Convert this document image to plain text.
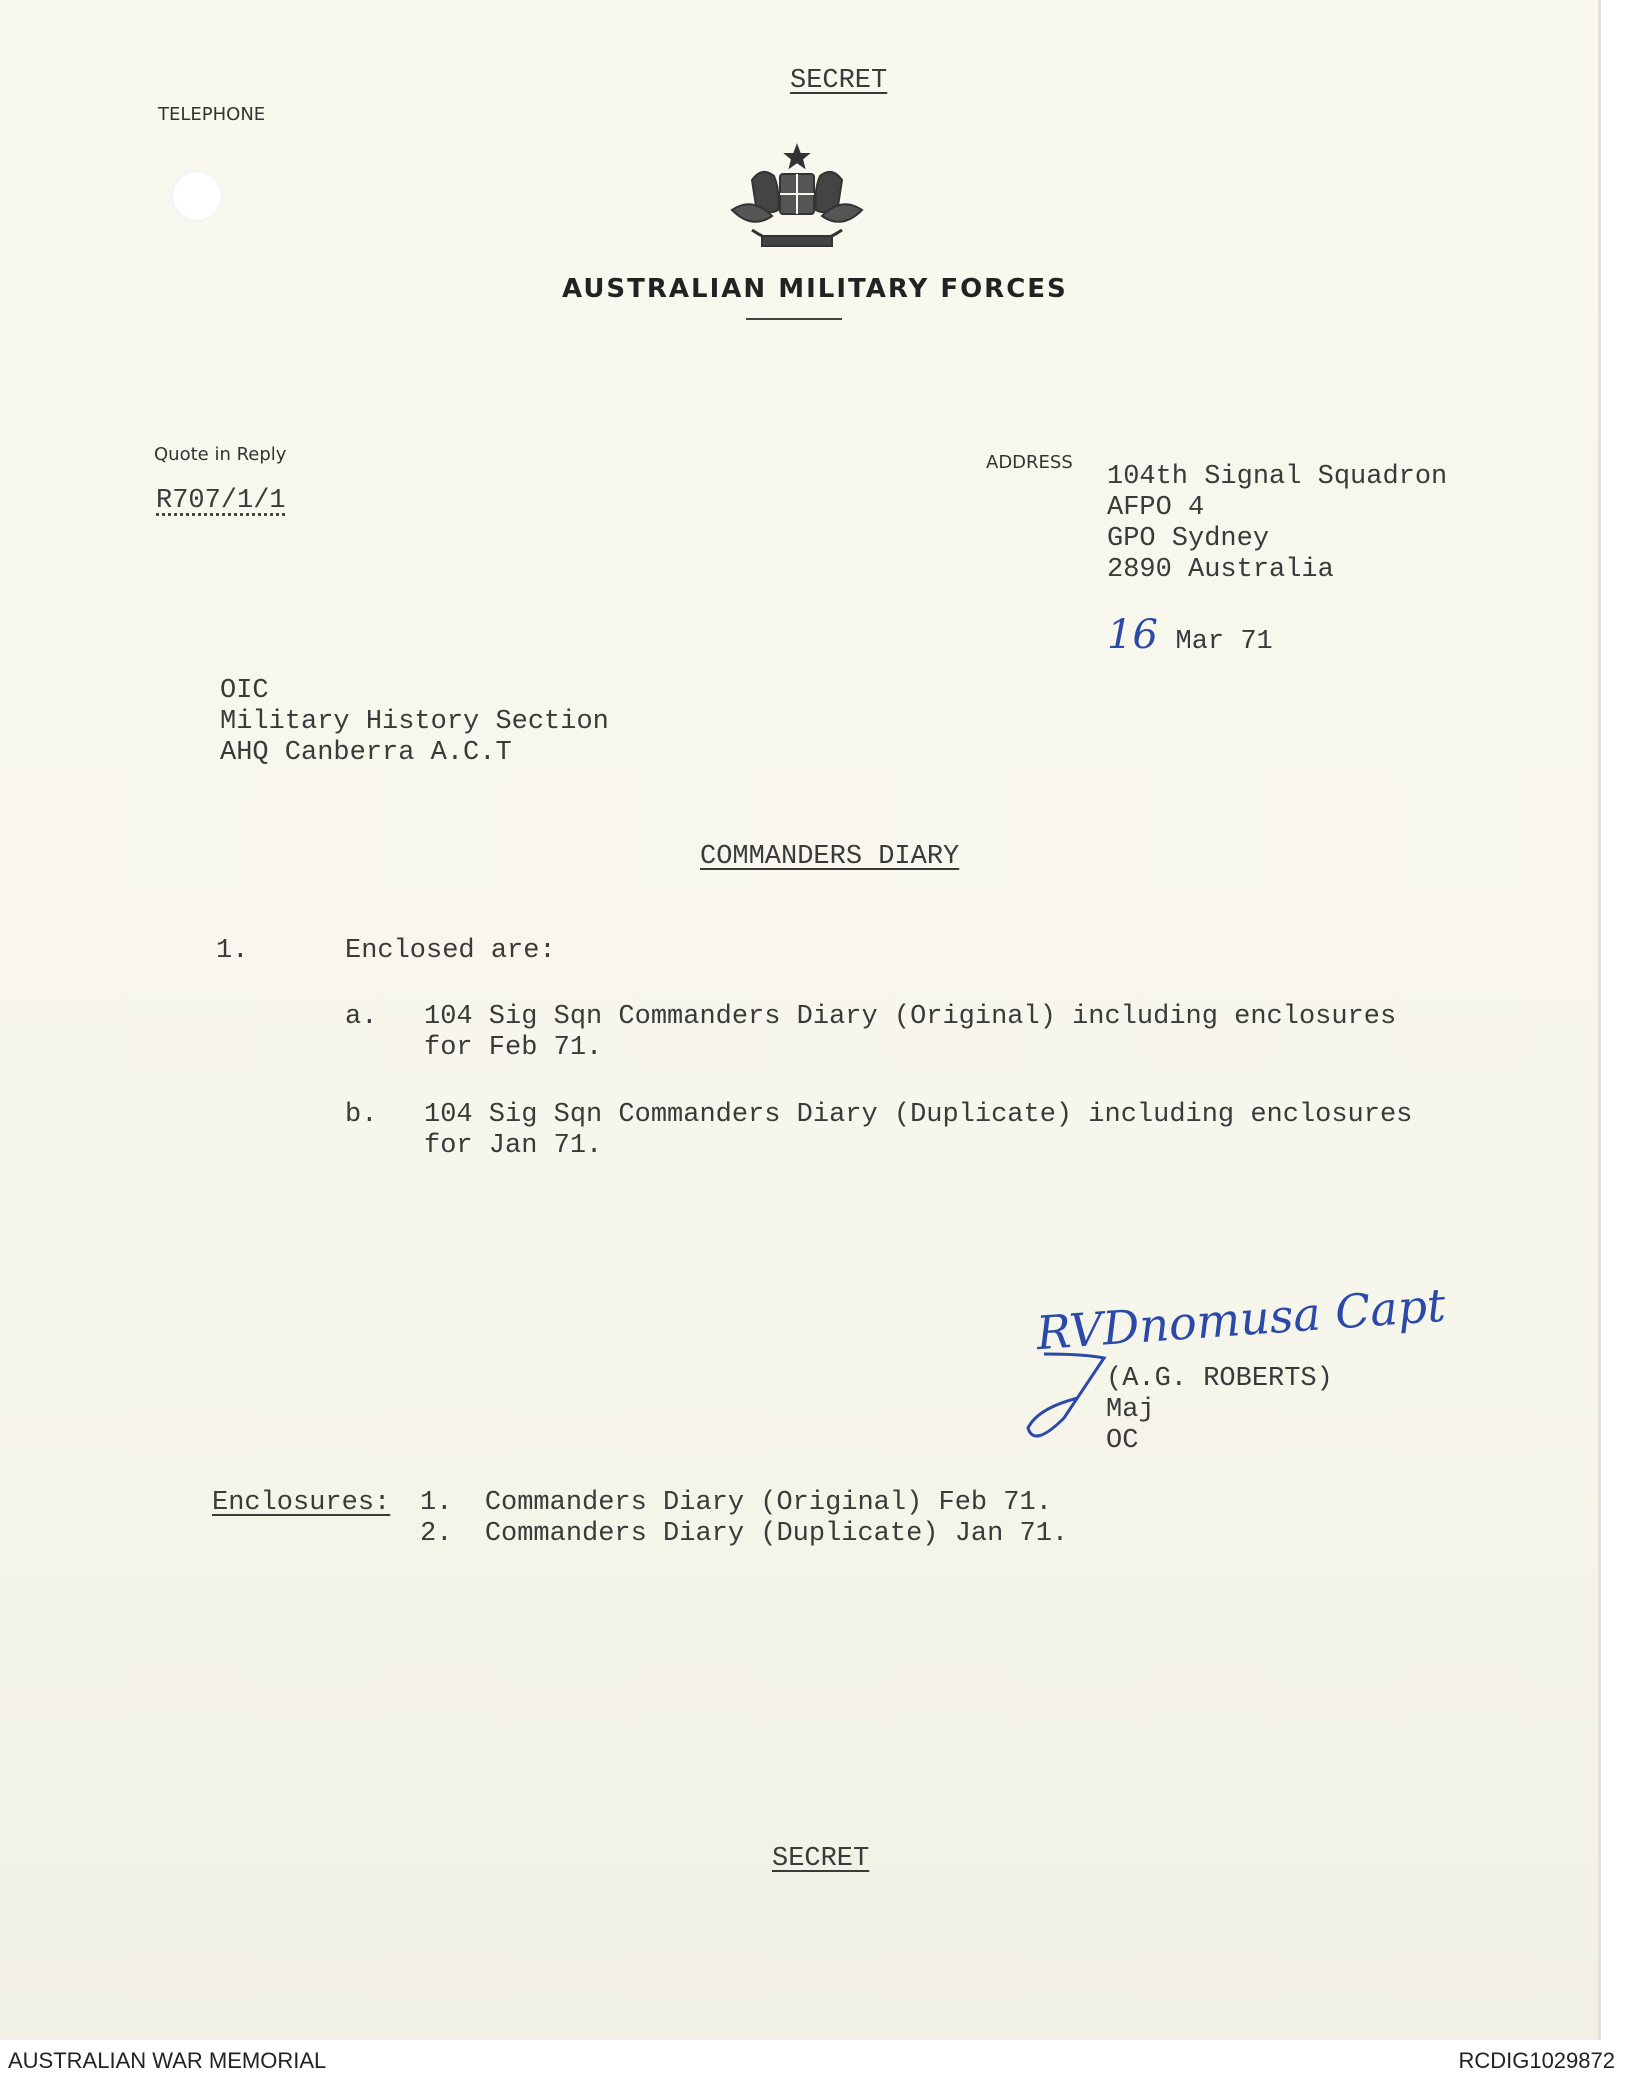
SECRET
TELEPHONE
AUSTRALIAN MILITARY FORCES
Quote in Reply
R707/1/1
ADDRESS 104th Signal Squadron
AFPO 4
GPO Sydney
2890 Australia
16 Mar 71
OIC
Military History Section
AHQ Canberra A.C.T
COMMANDERS DIARY
1.	Enclosed are:
a. 104 Sig Sqn Commanders Diary (Original) including enclosures
for Feb 71.
b. 104 Sig Sqn Commanders Diary (Duplicate) including enclosures
for Jan 71.
RVDnomusa Capt
(A.G. ROBERTS)
Maj
OC
Enclosures: 1. Commanders Diary (Original) Feb 71.
2. Commanders Diary (Duplicate) Jan 71.
SECRET
AUSTRALIAN WAR MEMORIAL	RCDIG1029872
